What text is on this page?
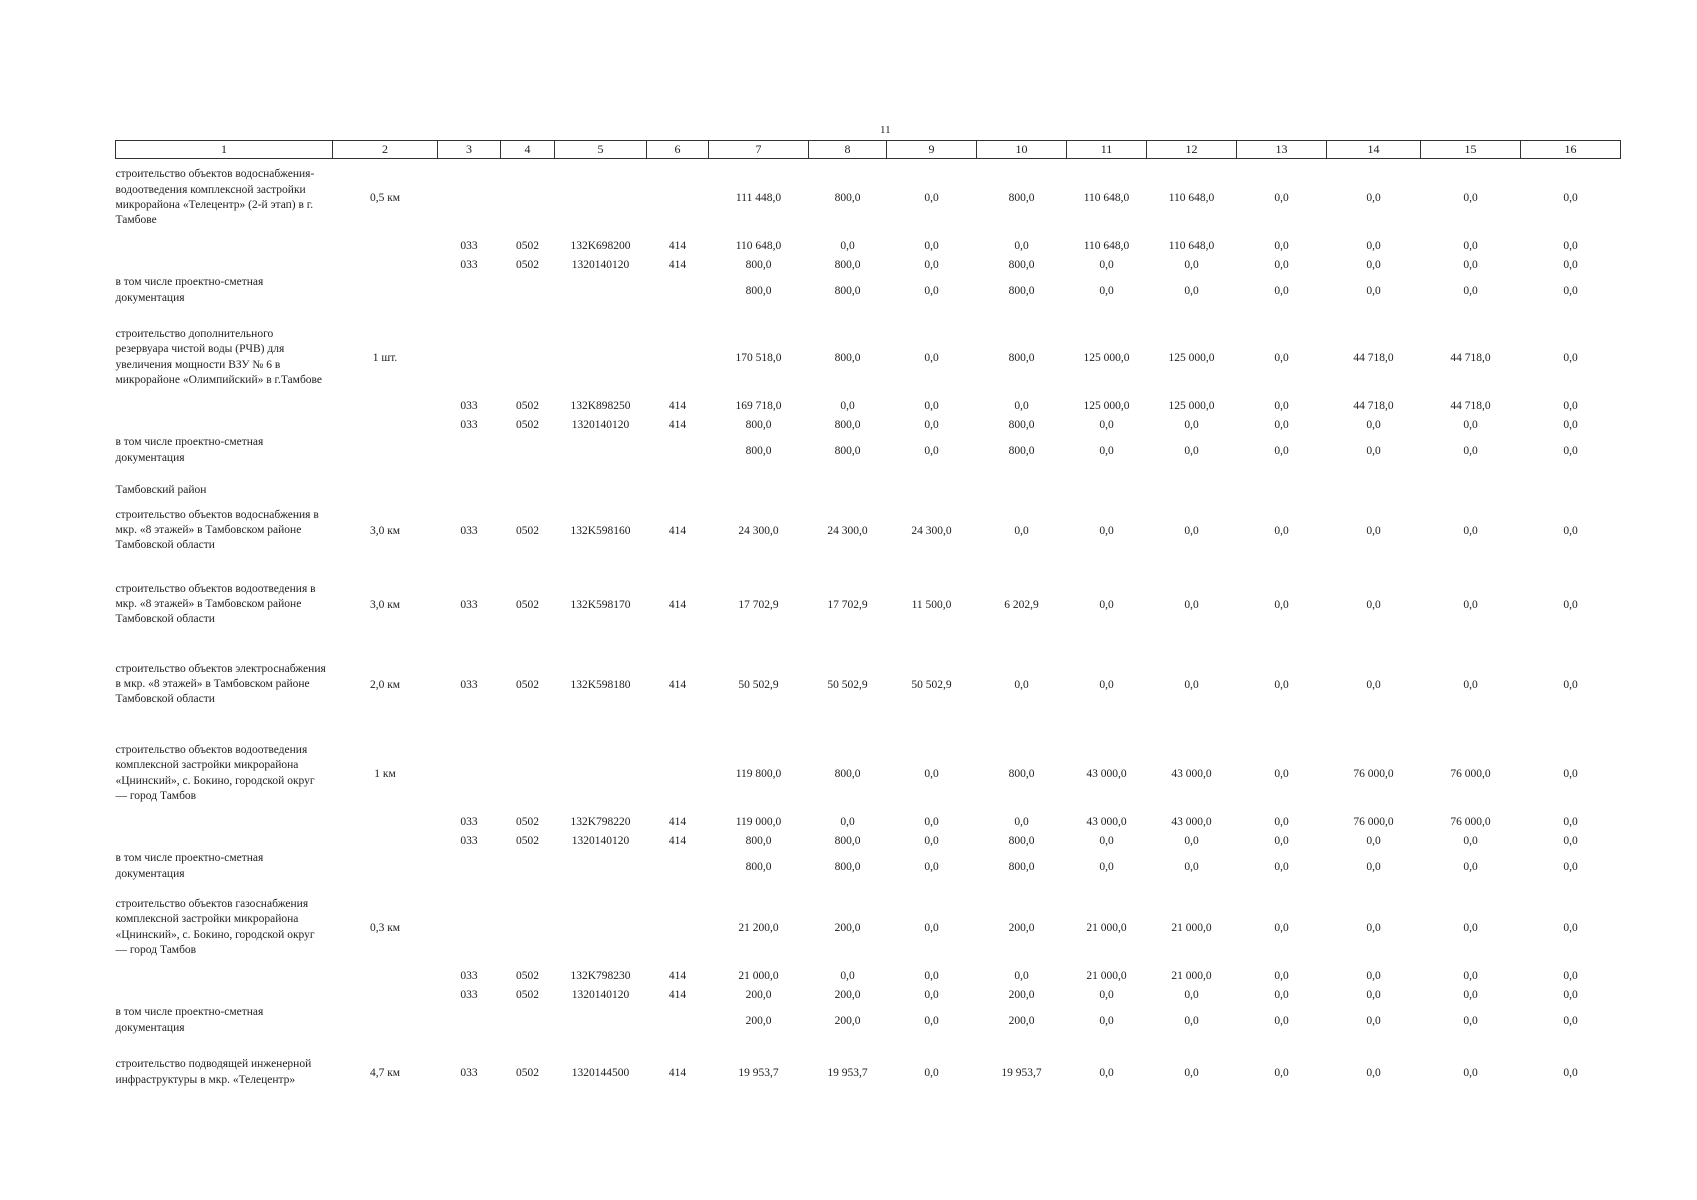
11
1	2	3	4	5	6	7	8	9	10	11	12	13	14	15	16
строительство объектов водоснабжения-водоотведения комплексной застройки микрорайона «Телецентр» (2-й этап) в г. Тамбове	0,5 км					111 448,0	800,0	0,0	800,0	110 648,0	110 648,0	0,0	0,0	0,0	0,0
		033	0502	132K698200	414	110 648,0	0,0	0,0	0,0	110 648,0	110 648,0	0,0	0,0	0,0	0,0
		033	0502	1320140120	414	800,0	800,0	0,0	800,0	0,0	0,0	0,0	0,0	0,0	0,0
в том числе проектно-сметная документация						800,0	800,0	0,0	800,0	0,0	0,0	0,0	0,0	0,0	0,0

строительство дополнительного резервуара чистой воды (РЧВ) для увеличения мощности ВЗУ № 6 в микрорайоне «Олимпийский» в г.Тамбове	1 шт.					170 518,0	800,0	0,0	800,0	125 000,0	125 000,0	0,0	44 718,0	44 718,0	0,0
		033	0502	132K898250	414	169 718,0	0,0	0,0	0,0	125 000,0	125 000,0	0,0	44 718,0	44 718,0	0,0
		033	0502	1320140120	414	800,0	800,0	0,0	800,0	0,0	0,0	0,0	0,0	0,0	0,0
в том числе проектно-сметная документация						800,0	800,0	0,0	800,0	0,0	0,0	0,0	0,0	0,0	0,0

Тамбовский район															
строительство объектов водоснабжения в мкр. «8 этажей» в Тамбовском районе Тамбовской области	3,0 км	033	0502	132K598160	414	24 300,0	24 300,0	24 300,0	0,0	0,0	0,0	0,0	0,0	0,0	0,0

строительство объектов водоотведения в мкр. «8 этажей» в Тамбовском районе Тамбовской области	3,0 км	033	0502	132K598170	414	17 702,9	17 702,9	11 500,0	6 202,9	0,0	0,0	0,0	0,0	0,0	0,0

строительство объектов электроснабжения в мкр. «8 этажей» в Тамбовском районе Тамбовской области	2,0 км	033	0502	132K598180	414	50 502,9	50 502,9	50 502,9	0,0	0,0	0,0	0,0	0,0	0,0	0,0

строительство объектов водоотведения комплексной застройки микрорайона «Цнинский», с. Бокино, городской округ — город Тамбов	1 км					119 800,0	800,0	0,0	800,0	43 000,0	43 000,0	0,0	76 000,0	76 000,0	0,0
		033	0502	132K798220	414	119 000,0	0,0	0,0	0,0	43 000,0	43 000,0	0,0	76 000,0	76 000,0	0,0
		033	0502	1320140120	414	800,0	800,0	0,0	800,0	0,0	0,0	0,0	0,0	0,0	0,0
в том числе проектно-сметная документация						800,0	800,0	0,0	800,0	0,0	0,0	0,0	0,0	0,0	0,0

строительство объектов газоснабжения комплексной застройки микрорайона «Цнинский», с. Бокино, городской округ — город Тамбов	0,3 км					21 200,0	200,0	0,0	200,0	21 000,0	21 000,0	0,0	0,0	0,0	0,0
		033	0502	132K798230	414	21 000,0	0,0	0,0	0,0	21 000,0	21 000,0	0,0	0,0	0,0	0,0
		033	0502	1320140120	414	200,0	200,0	0,0	200,0	0,0	0,0	0,0	0,0	0,0	0,0
в том числе проектно-сметная документация						200,0	200,0	0,0	200,0	0,0	0,0	0,0	0,0	0,0	0,0

строительство подводящей инженерной инфраструктуры в мкр. «Телецентр»	4,7 км	033	0502	1320144500	414	19 953,7	19 953,7	0,0	19 953,7	0,0	0,0	0,0	0,0	0,0	0,0
